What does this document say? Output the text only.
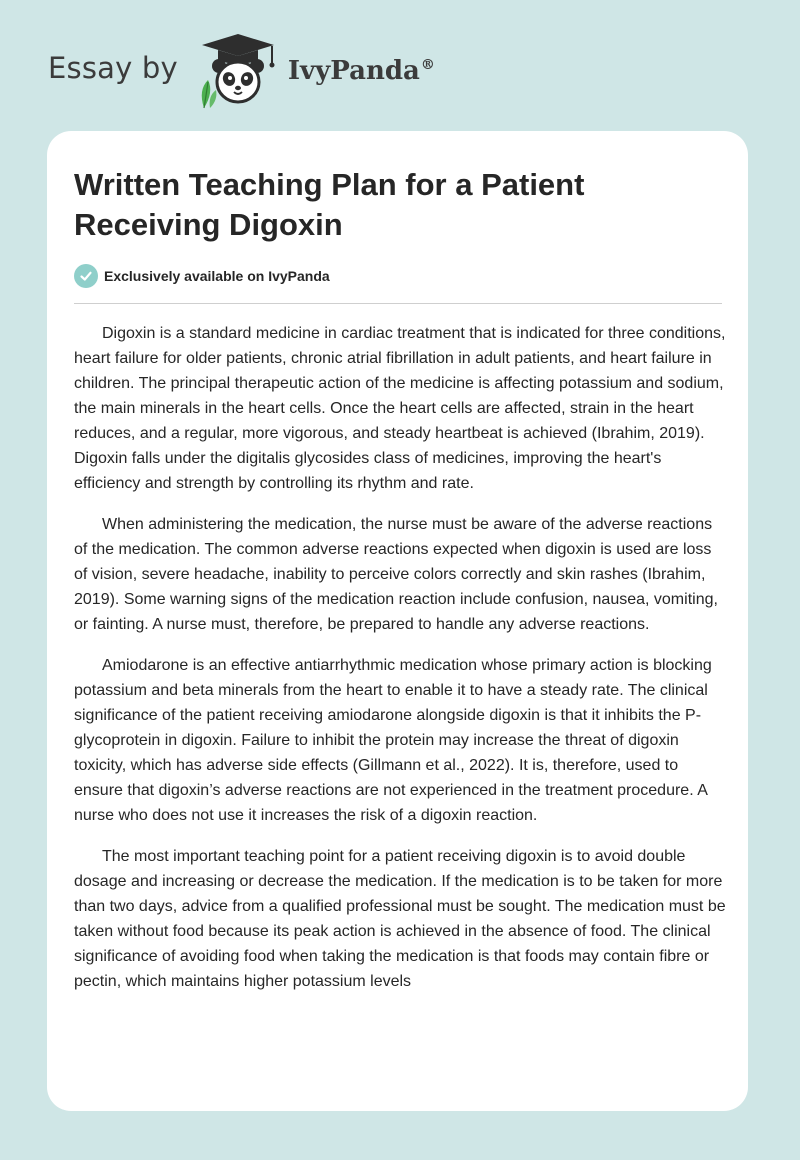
Essay by	IvyPanda®
Written Teaching Plan for a Patient Receiving Digoxin
Exclusively available on IvyPanda

Digoxin is a standard medicine in cardiac treatment that is indicated for three conditions, heart failure for older patients, chronic atrial fibrillation in adult patients, and heart failure in children. The principal therapeutic action of the medicine is affecting potassium and sodium, the main minerals in the heart cells. Once the heart cells are affected, strain in the heart reduces, and a regular, more vigorous, and steady heartbeat is achieved (Ibrahim, 2019). Digoxin falls under the digitalis glycosides class of medicines, improving the heart's efficiency and strength by controlling its rhythm and rate.

When administering the medication, the nurse must be aware of the adverse reactions of the medication. The common adverse reactions expected when digoxin is used are loss of vision, severe headache, inability to perceive colors correctly and skin rashes (Ibrahim, 2019). Some warning signs of the medication reaction include confusion, nausea, vomiting, or fainting. A nurse must, therefore, be prepared to handle any adverse reactions.

Amiodarone is an effective antiarrhythmic medication whose primary action is blocking potassium and beta minerals from the heart to enable it to have a steady rate. The clinical significance of the patient receiving amiodarone alongside digoxin is that it inhibits the P-glycoprotein in digoxin. Failure to inhibit the protein may increase the threat of digoxin toxicity, which has adverse side effects (Gillmann et al., 2022). It is, therefore, used to ensure that digoxin’s adverse reactions are not experienced in the treatment procedure. A nurse who does not use it increases the risk of a digoxin reaction.

The most important teaching point for a patient receiving digoxin is to avoid double dosage and increasing or decrease the medication. If the medication is to be taken for more than two days, advice from a qualified professional must be sought. The medication must be taken without food because its peak action is achieved in the absence of food. The clinical significance of avoiding food when taking the medication is that foods may contain fibre or pectin, which maintains higher potassium levels
